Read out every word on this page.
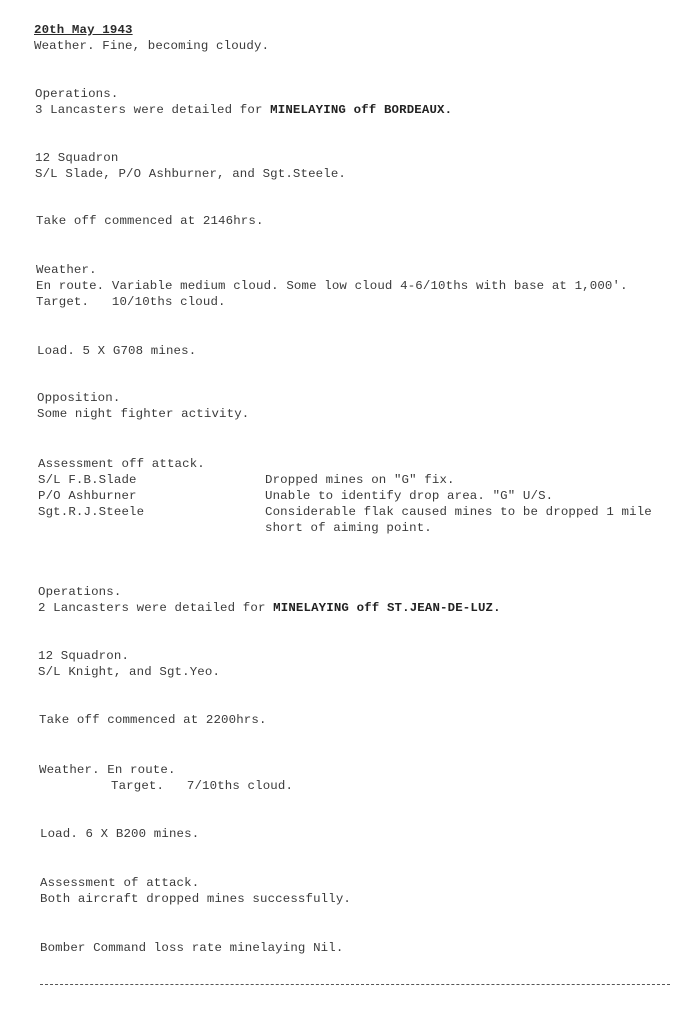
20th May 1943
Weather. Fine, becoming cloudy.
Operations.
3 Lancasters were detailed for MINELAYING off BORDEAUX.
12 Squadron
S/L Slade, P/O Ashburner, and Sgt.Steele.
Take off commenced at 2146hrs.
Weather.
En route. Variable medium cloud. Some low cloud 4-6/10ths with base at 1,000'.
Target.   10/10ths cloud.
Load. 5 X G708 mines.
Opposition.
Some night fighter activity.
Assessment off attack.
S/L F.B.Slade	Dropped mines on "G" fix.
P/O Ashburner	Unable to identify drop area. "G" U/S.
Sgt.R.J.Steele	Considerable flak caused mines to be dropped 1 mile
short of aiming point.
Operations.
2 Lancasters were detailed for MINELAYING off ST.JEAN-DE-LUZ.
12 Squadron.
S/L Knight, and Sgt.Yeo.
Take off commenced at 2200hrs.
Weather. En route.
Target.   7/10ths cloud.
Load. 6 X B200 mines.
Assessment of attack.
Both aircraft dropped mines successfully.
Bomber Command loss rate minelaying Nil.
